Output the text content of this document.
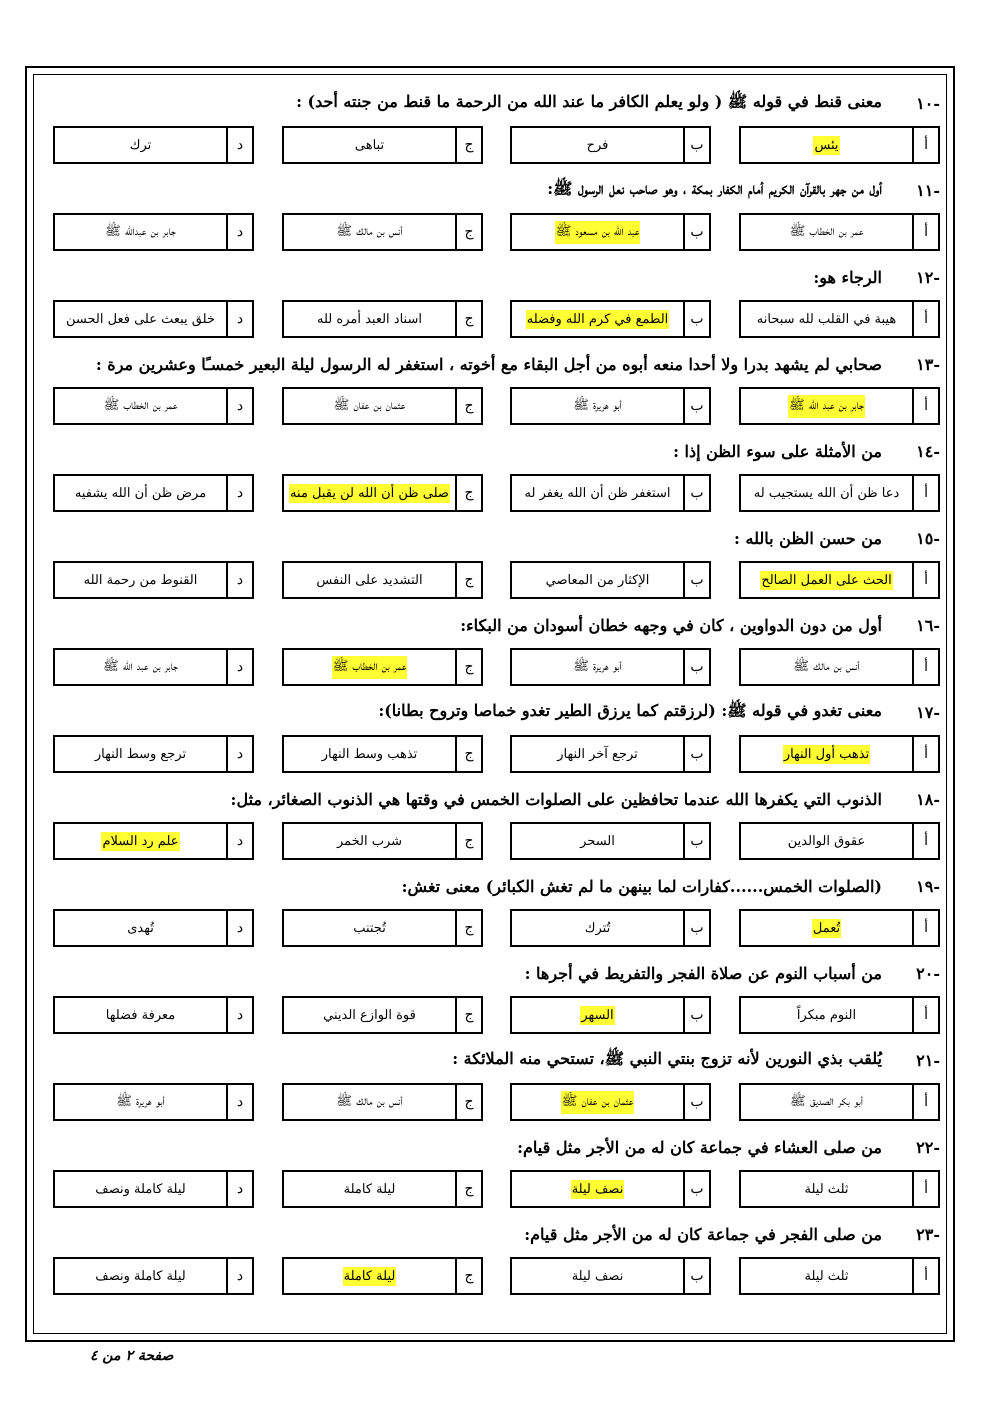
-١٠
معنى قنط في قوله ﷺ ( ولو يعلم الكافر ما عند الله من الرحمة ما قنط من جنته أحد) :
أ
يئس
ب
فرح
ج
تباهى
د
ترك
-١١
أول من جهر بالقرآن الكريم أمام الكفار بمكة ، وهو صاحب نعل الرسول ﷺ:
أ
عمر بن الخطاب ﷺ
ب
عبد الله بن مسعود ﷺ
ج
أنس بن مالك ﷺ
د
جابر بن عبدالله ﷺ
-١٢
الرجاء هو:
أ
هيبة في القلب لله سبحانه
ب
الطمع في كرم الله وفضله
ج
اسناد العبد أمره لله
د
خلق يبعث على فعل الحسن
-١٣
صحابي لم يشهد بدرا ولا أحدا منعه أبوه من أجل البقاء مع أخوته ، استغفر له الرسول ليلة البعير خمسـًا وعشرين مرة :
أ
جابر بن عبد الله ﷺ
ب
أبو هريرة ﷺ
ج
عثمان بن عفان ﷺ
د
عمر بن الخطاب ﷺ
-١٤
من الأمثلة على سوء الظن إذا :
أ
دعا ظن أن الله يستجيب له
ب
استغفر ظن أن الله يغفر له
ج
صلى ظن أن الله لن يقبل منه
د
مرض ظن أن الله يشفيه
-١٥
من حسن الظن بالله :
أ
الحث على العمل الصالح
ب
الإكثار من المعاصي
ج
التشديد على النفس
د
القنوط من رحمة الله
-١٦
أول من دون الدواوين ، كان في وجهه خطان أسودان من البكاء:
أ
أنس بن مالك ﷺ
ب
أبو هريرة ﷺ
ج
عمر بن الخطاب ﷺ
د
جابر بن عبد الله ﷺ
-١٧
معنى تغدو في قوله ﷺ: (لرزقتم كما يرزق الطير تغدو خماصا وتروح بطانا):
أ
تذهب أول النهار
ب
ترجع آخر النهار
ج
تذهب وسط النهار
د
ترجع وسط النهار
-١٨
الذنوب التي يكفرها الله عندما تحافظين على الصلوات الخمس في وقتها هي الذنوب الصغائر، مثل:
أ
عقوق الوالدين
ب
السحر
ج
شرب الخمر
د
علم رد السلام
-١٩
(الصلوات الخمس......كفارات لما بينهن ما لم تغش الكبائر) معنى تغش:
أ
تُعمل
ب
تُترك
ج
تُجتنب
د
تُهدى
-٢٠
من أسباب النوم عن صلاة الفجر والتفريط في أجرها :
أ
النوم مبكراً
ب
السهر
ج
قوة الوازع الديني
د
معرفة فضلها
-٢١
يُلقب بذي النورين لأنه تزوج بنتي النبي ﷺ، تستحي منه الملائكة :
أ
أبو بكر الصديق ﷺ
ب
عثمان بن عفان ﷺ
ج
أنس بن مالك ﷺ
د
أبو هريرة ﷺ
-٢٢
من صلى العشاء في جماعة كان له من الأجر مثل قيام:
أ
ثلث ليلة
ب
نصف ليلة
ج
ليلة كاملة
د
ليلة كاملة ونصف
-٢٣
من صلى الفجر في جماعة كان له من الأجر مثل قيام:
أ
ثلث ليلة
ب
نصف ليلة
ج
ليلة كاملة
د
ليلة كاملة ونصف
صفحة ٢ من ٤
